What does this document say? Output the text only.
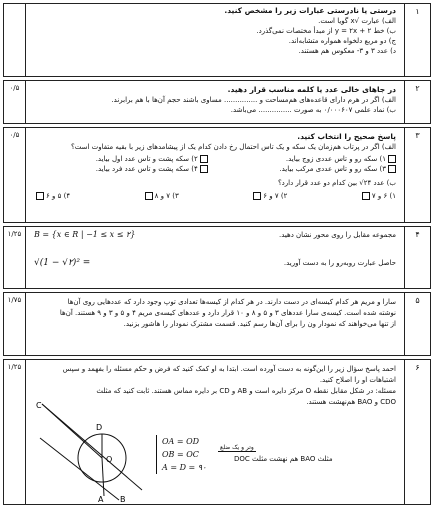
۱
درستی یا نادرستی عبارات زیر را مشخص کنید.
الف) عبارت √x گویا است.
ب) خط y = ۲x + ۲ از مبدأ مختصات نمی‌گذرد.
ج) دو مربع دلخواه همواره متشابه‌اند.
د) عدد ۳ و ۳- معکوس هم هستند.
۲
۰/۵	در جاهای خالی عدد یا کلمه مناسب قرار دهید.
الف) اگر در هرم دارای قاعده‌های هم‌مساحت و ............... مساوی باشند حجم آن‌ها با هم برابرند.
ب) نماد علمی ۰/۰۰۰۶۰۷ به صورت ............... می‌باشد.
۳
۰/۵	پاسخ صحیح را انتخاب کنید.
الف) اگر در پرتاب هم‌زمان یک سکه و یک تاس احتمال رخ دادن کدام یک از پیشامدهای زیر با بقیه متفاوت است؟
۱) سکه رو و تاس عددی زوج بیاید.
۲) سکه پشت و تاس عدد اول بیاید.
۳) سکه رو و تاس عددی مرکب بیاید.
۴) سکه پشت و تاس عدد فرد بیاید.
ب) عدد ۲۴√ بین کدام دو عدد قرار دارد؟
۱) ۶ و ۷
۲) ۷ و ۶
۳) ۷ و ۸
۴) ۵ و ۶
۴
۱/۲۵	مجموعه مقابل را روی محور نشان دهید.
B = {x ∈ R | −1 ≤ x ≤ ۲}
حاصل عبارت روبه‌رو را به دست آورید.
√(1 − √۲)² =
۵
۱/۷۵	سارا و مریم هر کدام کیسه‌ای در دست دارند. در هر کدام از کیسه‌ها تعدادی توپ وجود دارد که عددهایی روی آن‌ها
نوشته شده است. کیسه‌ی سارا عددهای ۳ و ۵ و ۸ و ۱۰ قرار دارد و عددهای کیسه‌ی مریم ۴ و ۵ و ۳ و ۹ هستند. آن‌ها
از تنها می‌خواهند که نمودار ون را برای آن‌ها رسم کنید. قسمت مشترک نمودار را هاشور بزنید.
۶
۱/۲۵	احمد پاسخ سؤال زیر را این‌گونه به دست آورده است. ابتدا به او کمک کنید که فرض و حکم مسئله را بفهمد و سپس
اشتباهات او را اصلاح کنید.
مسئله: در شکل مقابل نقطه O مرکز دایره است و AB و CD بر دایره مماس هستند. ثابت کنید که مثلث
CDO و BAO هم‌نهشت هستند.
C
D
O
A B
OA = OD
OB = OC
A = D = ۹۰
وتر و یک ضلع
مثلث BAO هم نهشت مثلث DOC
